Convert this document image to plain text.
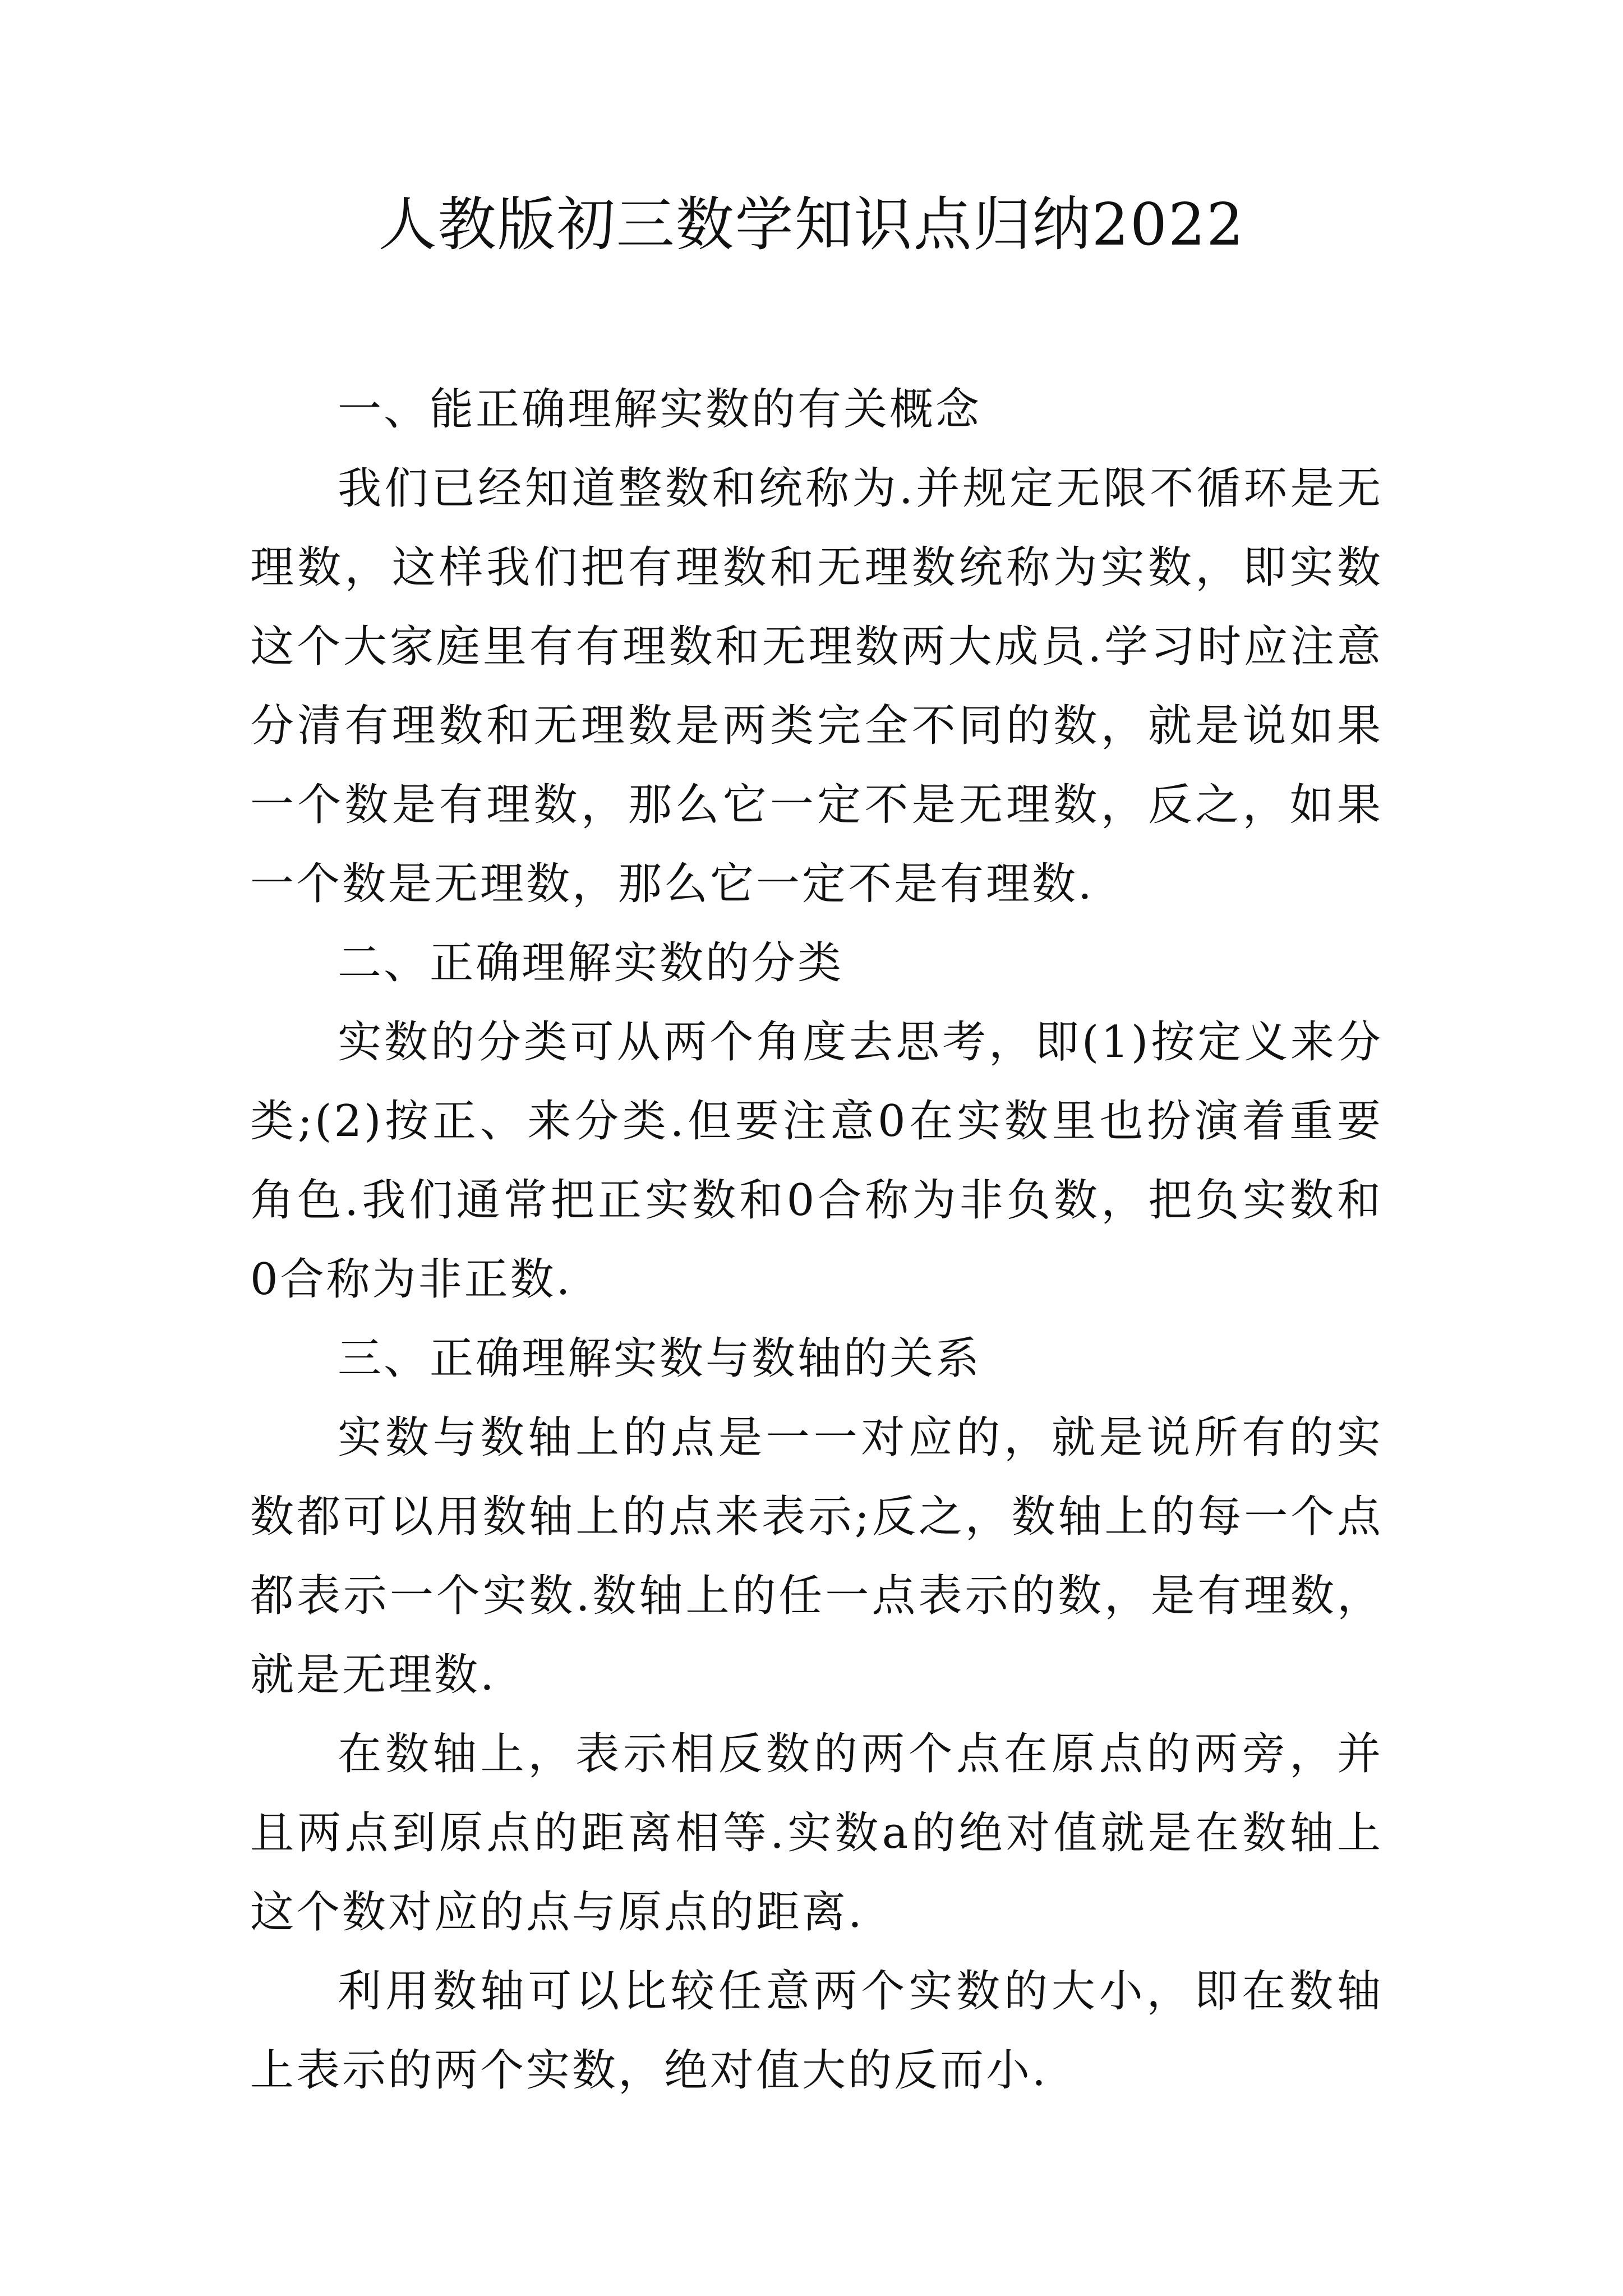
人教版初三数学知识点归纳2022

一、能正确理解实数的有关概念

我们已经知道整数和统称为.并规定无限不循环是无理数，这样我们把有理数和无理数统称为实数，即实数这个大家庭里有有理数和无理数两大成员.学习时应注意分清有理数和无理数是两类完全不同的数，就是说如果一个数是有理数，那么它一定不是无理数，反之，如果一个数是无理数，那么它一定不是有理数.

二、正确理解实数的分类

实数的分类可从两个角度去思考，即(1)按定义来分类;(2)按正、来分类.但要注意0在实数里也扮演着重要角色.我们通常把正实数和0合称为非负数，把负实数和0合称为非正数.

三、正确理解实数与数轴的关系

实数与数轴上的点是一一对应的，就是说所有的实数都可以用数轴上的点来表示;反之，数轴上的每一个点都表示一个实数.数轴上的任一点表示的数，是有理数，就是无理数.

在数轴上，表示相反数的两个点在原点的两旁，并且两点到原点的距离相等.实数a的绝对值就是在数轴上这个数对应的点与原点的距离.

利用数轴可以比较任意两个实数的大小，即在数轴上表示的两个实数，绝对值大的反而小.
